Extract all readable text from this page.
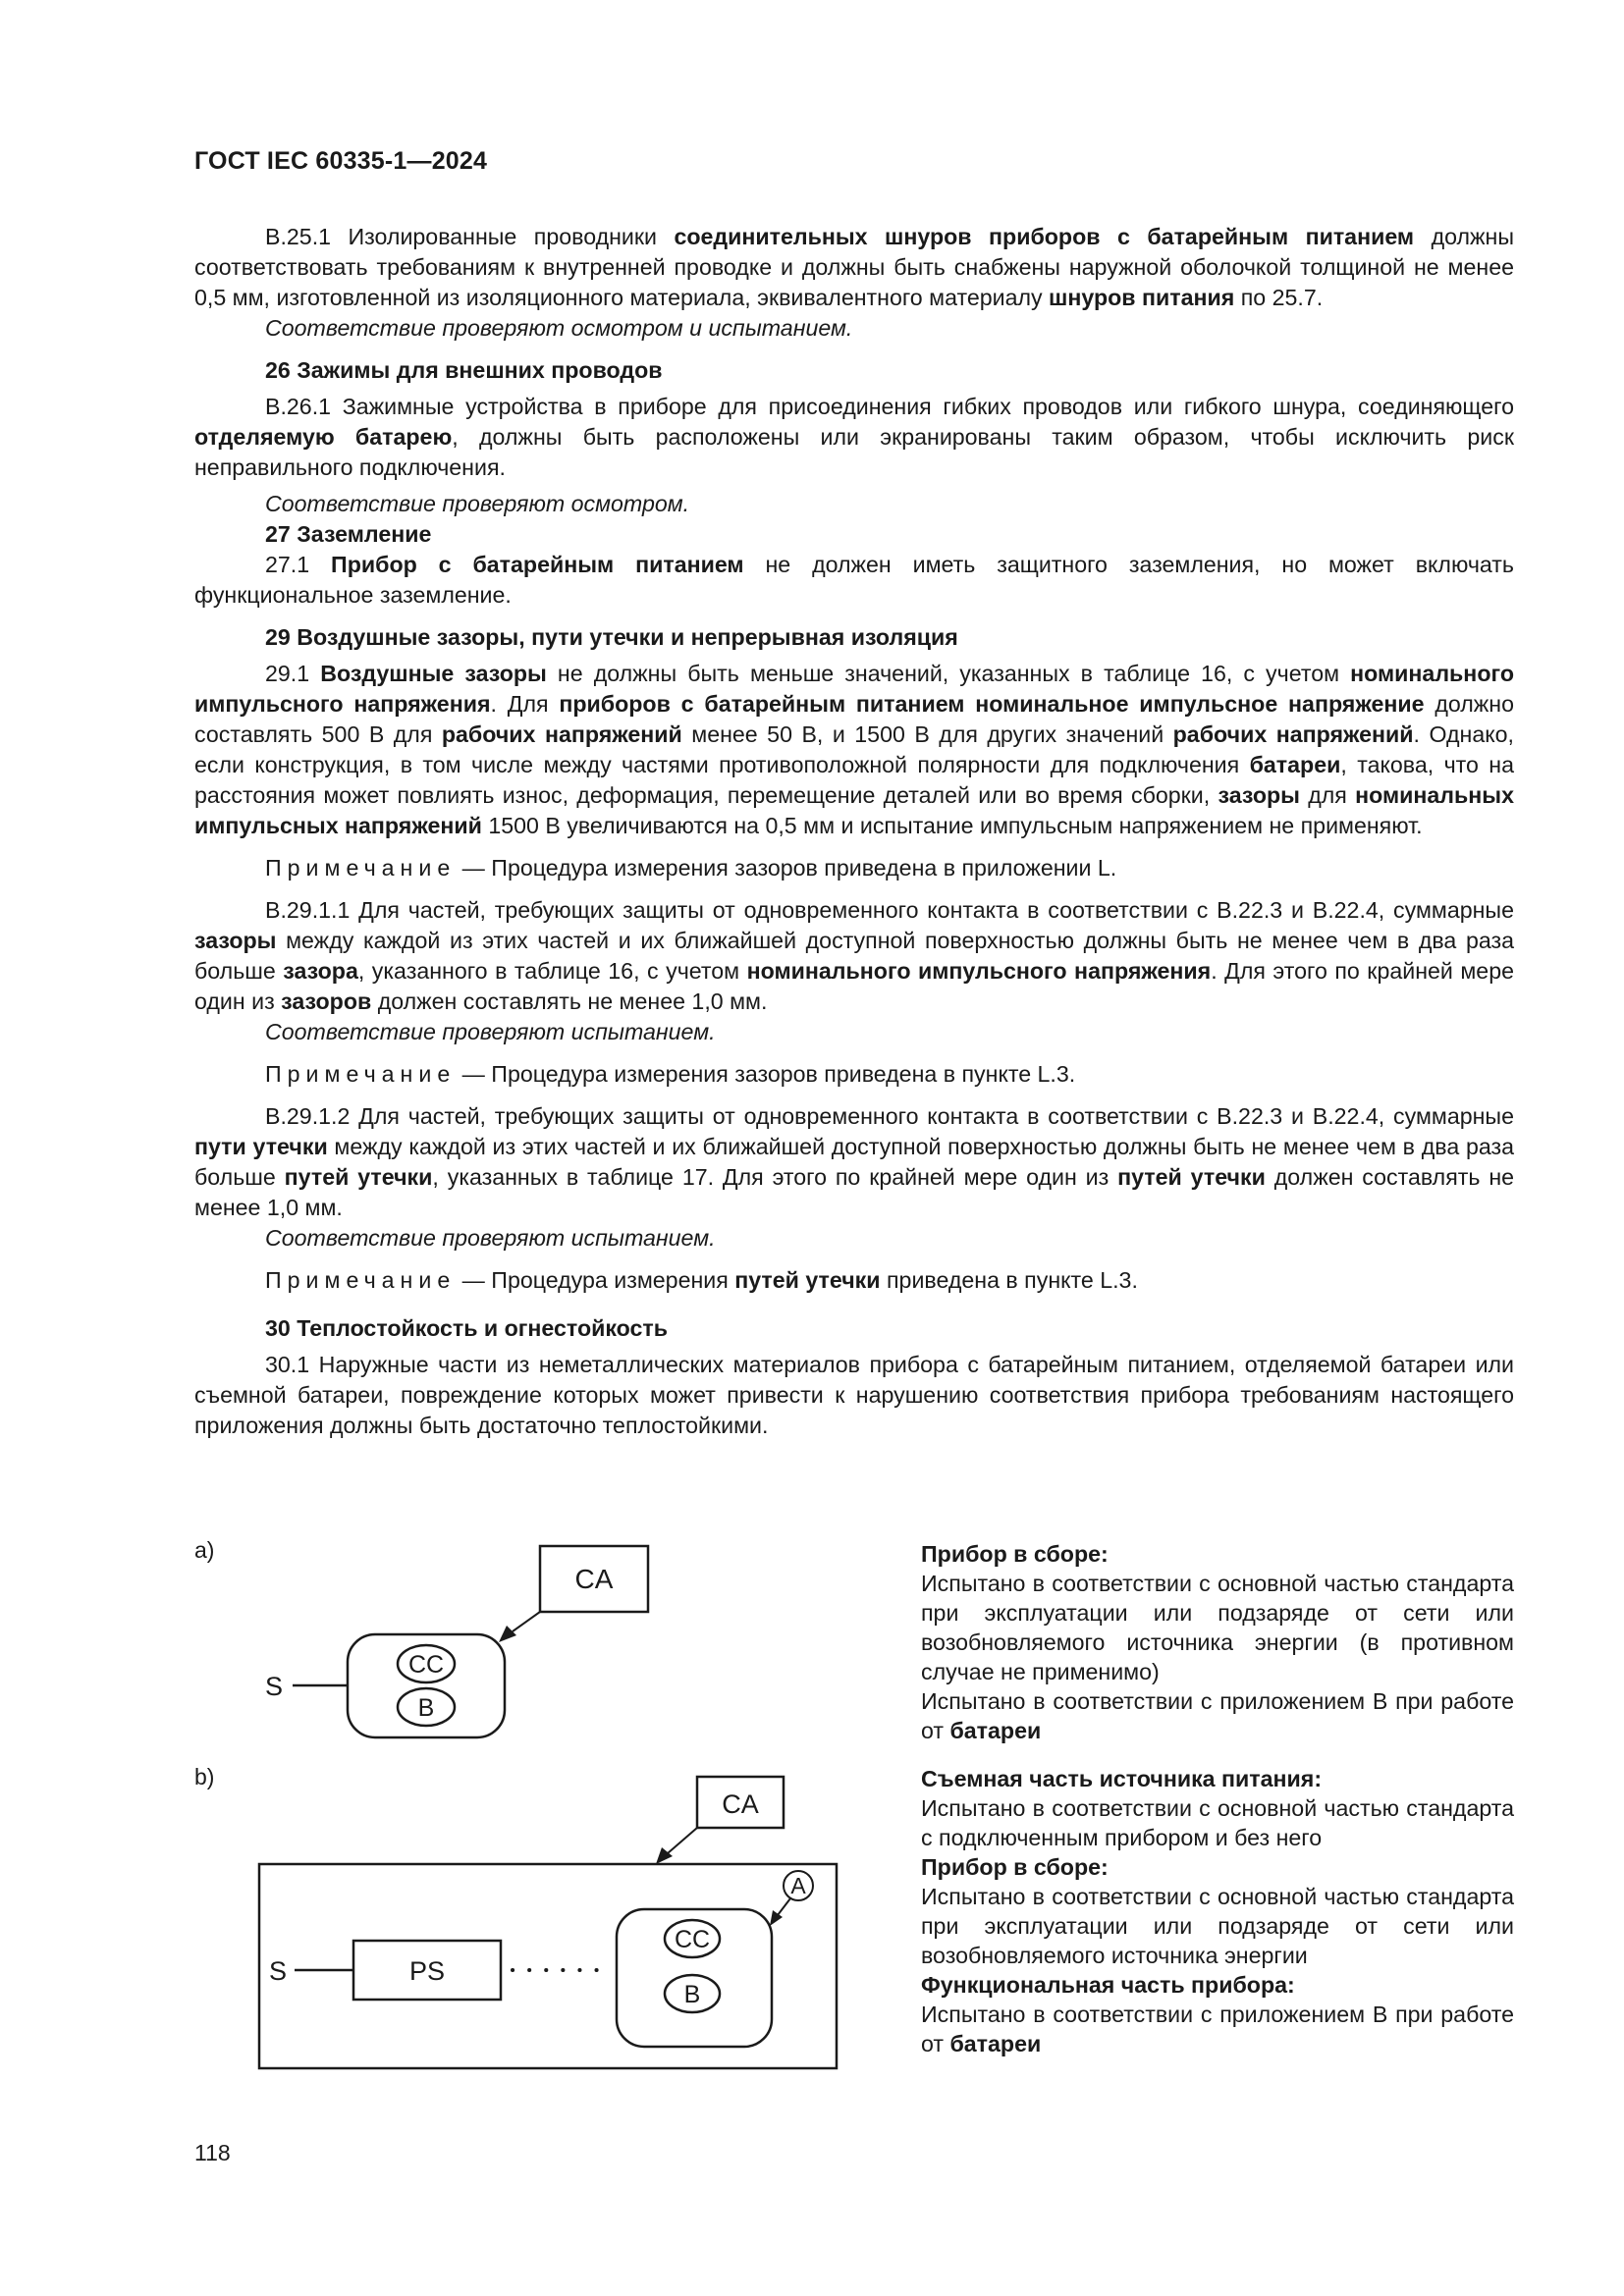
ГОСТ IEC 60335-1—2024

В.25.1 Изолированные проводники соединительных шнуров приборов с батарейным питанием должны соответствовать требованиям к внутренней проводке и должны быть снабжены наружной оболочкой толщиной не менее 0,5 мм, изготовленной из изоляционного материала, эквивалентного материалу шнуров питания по 25.7.

Соответствие проверяют осмотром и испытанием.

26 Зажимы для внешних проводов

В.26.1 Зажимные устройства в приборе для присоединения гибких проводов или гибкого шнура, соединяющего отделяемую батарею, должны быть расположены или экранированы таким образом, чтобы исключить риск неправильного подключения.

Соответствие проверяют осмотром.

27 Заземление

27.1 Прибор с батарейным питанием не должен иметь защитного заземления, но может включать функциональное заземление.

29 Воздушные зазоры, пути утечки и непрерывная изоляция

29.1 Воздушные зазоры не должны быть меньше значений, указанных в таблице 16, с учетом номинального импульсного напряжения. Для приборов с батарейным питанием номинальное импульсное напряжение должно составлять 500 В для рабочих напряжений менее 50 В, и 1500 В для других значений рабочих напряжений. Однако, если конструкция, в том числе между частями противоположной полярности для подключения батареи, такова, что на расстояния может повлиять износ, деформация, перемещение деталей или во время сборки, зазоры для номинальных импульсных напряжений 1500 В увеличиваются на 0,5 мм и испытание импульсным напряжением не применяют.

Примечание — Процедура измерения зазоров приведена в приложении L.

В.29.1.1 Для частей, требующих защиты от одновременного контакта в соответствии с В.22.3 и В.22.4, суммарные зазоры между каждой из этих частей и их ближайшей доступной поверхностью должны быть не менее чем в два раза больше зазора, указанного в таблице 16, с учетом номинального импульсного напряжения. Для этого по крайней мере один из зазоров должен составлять не менее 1,0 мм.

Соответствие проверяют испытанием.

Примечание — Процедура измерения зазоров приведена в пункте L.3.

В.29.1.2 Для частей, требующих защиты от одновременного контакта в соответствии с В.22.3 и В.22.4, суммарные пути утечки между каждой из этих частей и их ближайшей доступной поверхностью должны быть не менее чем в два раза больше путей утечки, указанных в таблице 17. Для этого по крайней мере один из путей утечки должен составлять не менее 1,0 мм.

Соответствие проверяют испытанием.

Примечание — Процедура измерения путей утечки приведена в пункте L.3.

30 Теплостойкость и огнестойкость

30.1 Наружные части из неметаллических материалов прибора с батарейным питанием, отделяемой батареи или съемной батареи, повреждение которых может привести к нарушению соответствия прибора требованиям настоящего приложения должны быть достаточно теплостойкими.

а)
b)
CA
CC
B
S
CA
A
CC
B
PS
S

Прибор в сборе:

Испытано в соответствии с основной частью стандарта при эксплуатации или подзаряде от сети или возобновляемого источника энергии (в противном случае не применимо)

Испытано в соответствии с приложением В при работе от батареи

Съемная часть источника питания:

Испытано в соответствии с основной частью стандарта с подключенным прибором и без него

Прибор в сборе:

Испытано в соответствии с основной частью стандарта при эксплуатации или подзаряде от сети или возобновляемого источника энергии

Функциональная часть прибора:

Испытано в соответствии с приложением В при работе от батареи

118
